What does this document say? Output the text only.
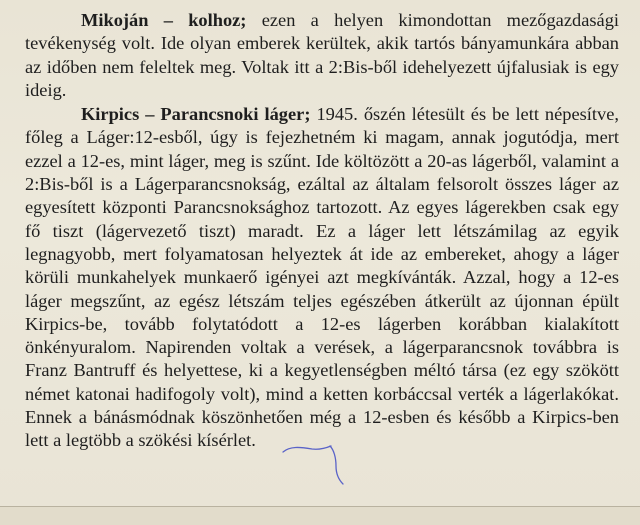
Mikoján – kolhoz; ezen a helyen kimondottan mezőgazdasági tevékenység volt. Ide olyan emberek kerültek, akik tartós bányamunkára abban az időben nem feleltek meg. Voltak itt a 2:Bis-ből idehelyezett újfalusiak is egy ideig.

Kirpics – Parancsnoki láger; 1945. őszén létesült és be lett népesítve, főleg a Láger:12-esből, úgy is fejezhetném ki magam, annak jogutódja, mert ezzel a 12-es, mint láger, meg is szűnt. Ide költözött a 20-as lágerből, valamint a 2:Bis-ből is a Lágerparancsnokság, ezáltal az általam felsorolt összes láger az egyesített központi Parancsnoksághoz tartozott. Az egyes lágerekben csak egy fő tiszt (lágervezető tiszt) maradt. Ez a láger lett létszámilag az egyik legnagyobb, mert folyamatosan helyeztek át ide az embereket, ahogy a láger körüli munkahelyek munkaerő igényei azt megkívánták. Azzal, hogy a 12-es láger megszűnt, az egész létszám teljes egészében átkerült az újonnan épült Kirpics-be, tovább folytatódott a 12-es lágerben korábban kialakított önkényuralom. Napirenden voltak a verések, a lágerparancsnok továbbra is Franz Bantruff és helyettese, ki a kegyetlenségben méltó társa (ez egy szökött német katonai hadifogoly volt), mind a ketten korbáccsal verték a lágerlakókat. Ennek a bánásmódnak köszönhetően még a 12-esben és később a Kirpics-ben lett a legtöbb a szökési kísérlet.
